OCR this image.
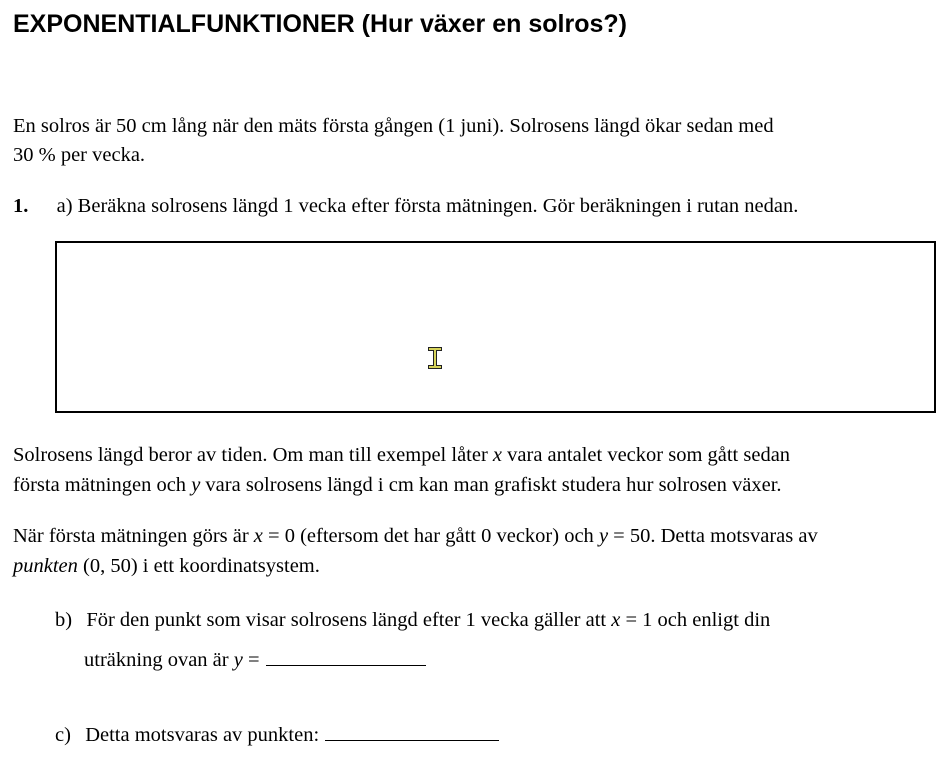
EXPONENTIALFUNKTIONER (Hur växer en solros?)
En solros är 50 cm lång när den mäts första gången (1 juni). Solrosens längd ökar sedan med
30 % per vecka.
1. a) Beräkna solrosens längd 1 vecka efter första mätningen. Gör beräkningen i rutan nedan.
Solrosens längd beror av tiden. Om man till exempel låter x vara antalet veckor som gått sedan
första mätningen och y vara solrosens längd i cm kan man grafiskt studera hur solrosen växer.
När första mätningen görs är x = 0 (eftersom det har gått 0 veckor) och y = 50. Detta motsvaras av
punkten (0, 50) i ett koordinatsystem.
b) För den punkt som visar solrosens längd efter 1 vecka gäller att x = 1 och enligt din
uträkning ovan är y =
c) Detta motsvaras av punkten:
